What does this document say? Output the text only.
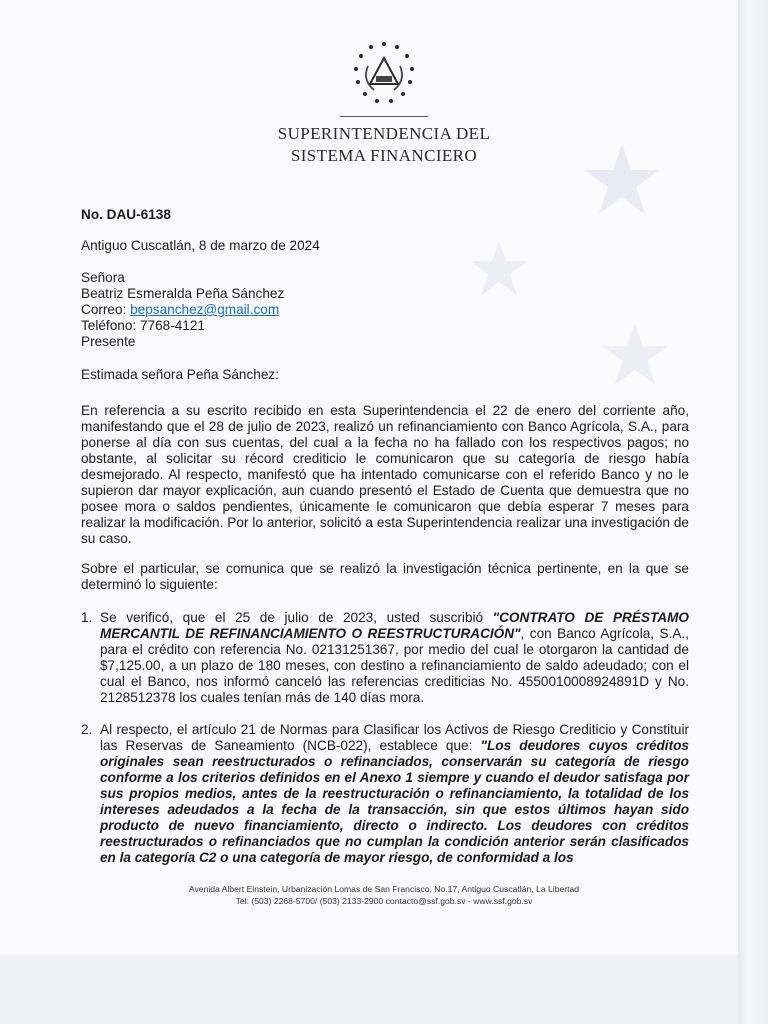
SUPERINTENDENCIA DEL
SISTEMA FINANCIERO
No. DAU-6138
Antiguo Cuscatlán, 8 de marzo de 2024
Señora
Beatriz Esmeralda Peña Sánchez
Correo: bepsanchez@gmail.com
Teléfono: 7768-4121
Presente
Estimada señora Peña Sánchez:
En referencia a su escrito recibido en esta Superintendencia el 22 de enero del corriente año, manifestando que el 28 de julio de 2023, realizó un refinanciamiento con Banco Agrícola, S.A., para ponerse al día con sus cuentas, del cual a la fecha no ha fallado con los respectivos pagos; no obstante, al solicitar su récord crediticio le comunicaron que su categoría de riesgo había desmejorado. Al respecto, manifestó que ha intentado comunicarse con el referido Banco y no le supieron dar mayor explicación, aun cuando presentó el Estado de Cuenta que demuestra que no posee mora o saldos pendientes, únicamente le comunicaron que debía esperar 7 meses para realizar la modificación. Por lo anterior, solicitó a esta Superintendencia realizar una investigación de su caso.
Sobre el particular, se comunica que se realizó la investigación técnica pertinente, en la que se determinó lo siguiente:
1. Se verificó, que el 25 de julio de 2023, usted suscribió "CONTRATO DE PRÉSTAMO MERCANTIL DE REFINANCIAMIENTO O REESTRUCTURACIÓN", con Banco Agrícola, S.A., para el crédito con referencia No. 02131251367, por medio del cual le otorgaron la cantidad de $7,125.00, a un plazo de 180 meses, con destino a refinanciamiento de saldo adeudado; con el cual el Banco, nos informó canceló las referencias crediticias No. 4550010008924891D y No. 2128512378 los cuales tenían más de 140 días mora.
2. Al respecto, el artículo 21 de Normas para Clasificar los Activos de Riesgo Crediticio y Constituir las Reservas de Saneamiento (NCB-022), establece que: "Los deudores cuyos créditos originales sean reestructurados o refinanciados, conservarán su categoría de riesgo conforme a los criterios definidos en el Anexo 1 siempre y cuando el deudor satisfaga por sus propios medios, antes de la reestructuración o refinanciamiento, la totalidad de los intereses adeudados a la fecha de la transacción, sin que estos últimos hayan sido producto de nuevo financiamiento, directo o indirecto. Los deudores con créditos reestructurados o refinanciados que no cumplan la condición anterior serán clasificados en la categoría C2 o una categoría de mayor riesgo, de conformidad a los
Avenida Albert Einstein, Urbanización Lomas de San Francisco, No.17, Antiguo Cuscatlán, La Libertad
Tel: (503) 2268-5700/ (503) 2133-2900 contacto@ssf.gob.sv - www.ssf.gob.sv
